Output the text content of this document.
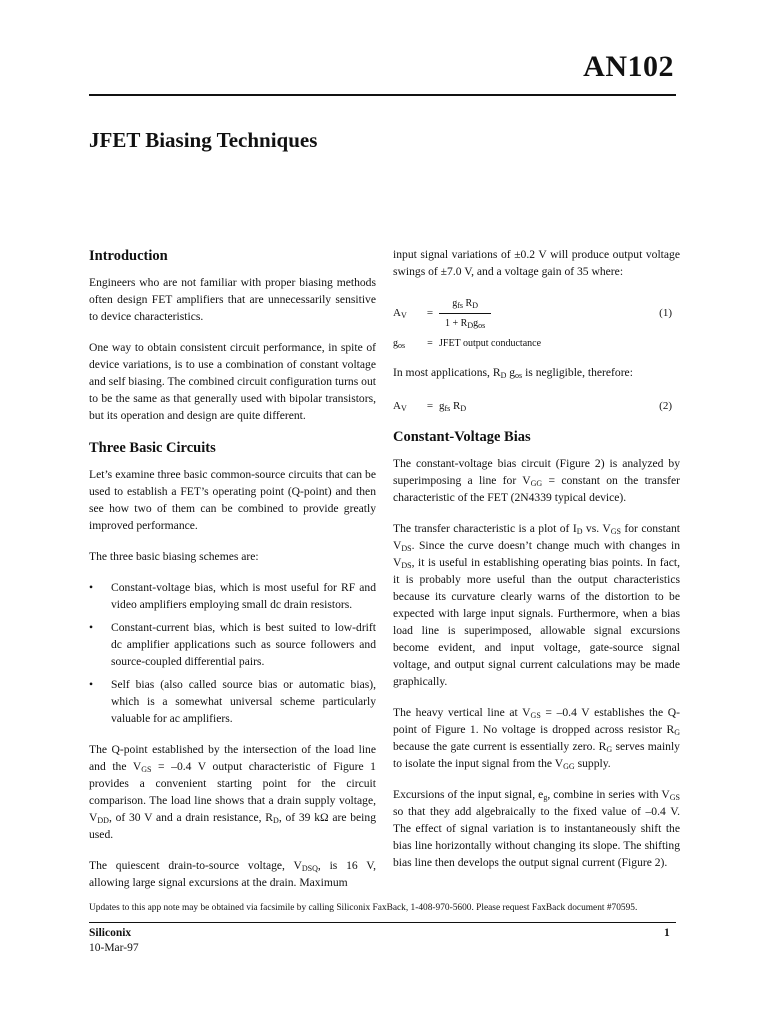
AN102
JFET Biasing Techniques
Introduction

Engineers who are not familiar with proper biasing methods often design FET amplifiers that are unnecessarily sensitive to device characteristics.

One way to obtain consistent circuit performance, in spite of device variations, is to use a combination of constant voltage and self biasing. The combined circuit configuration turns out to be the same as that generally used with bipolar transistors, but its operation and design are quite different.

Three Basic Circuits

Let’s examine three basic common-source circuits that can be used to establish a FET’s operating point (Q-point) and then see how two of them can be combined to provide greatly improved performance.

The three basic biasing schemes are:

• Constant-voltage bias, which is most useful for RF and video amplifiers employing small dc drain resistors.
• Constant-current bias, which is best suited to low-drift dc amplifier applications such as source followers and source-coupled differential pairs.
• Self bias (also called source bias or automatic bias), which is a somewhat universal scheme particularly valuable for ac amplifiers.

The Q-point established by the intersection of the load line and the $V_{GS} = -0.4$ V output characteristic of Figure 1 provides a convenient starting point for the circuit comparison. The load line shows that a drain supply voltage, $V_{DD}$, of 30 V and a drain resistance, $R_D$, of 39 kΩ are being used.

The quiescent drain-to-source voltage, $V_{DSQ}$, is 16 V, allowing large signal excursions at the drain. Maximum

input signal variations of ±0.2 V will produce output voltage swings of ±7.0 V, and a voltage gain of 35 where:

$A_V$	= $\frac{g_{fs} R_D}{1 + R_Dg_{os}}$	(1)
$g_{os}$	= JFET output conductance

In most applications, $R_D$ $g_{os}$ is negligible, therefore:

$A_V$	= $g_{fs}$ $R_D$	(2)
Constant-Voltage Bias

The constant-voltage bias circuit (Figure 2) is analyzed by superimposing a line for $V_{GG}$ = constant on the transfer characteristic of the FET (2N4339 typical device).

The transfer characteristic is a plot of $I_D$ vs. $V_{GS}$ for constant $V_{DS}$. Since the curve doesn’t change much with changes in $V_{DS}$, it is useful in establishing operating bias points. In fact, it is probably more useful than the output characteristics because its curvature clearly warns of the distortion to be expected with large input signals. Furthermore, when a bias load line is superimposed, allowable signal excursions become evident, and input voltage, gate-source signal voltage, and output signal current calculations may be made graphically.

The heavy vertical line at $V_{GS} = -0.4$ V establishes the Q-point of Figure 1. No voltage is dropped across resistor $R_G$ because the gate current is essentially zero. $R_G$ serves mainly to isolate the input signal from the $V_{GG}$ supply.

Excursions of the input signal, $e_g$, combine in series with $V_{GS}$ so that they add algebraically to the fixed value of –0.4 V. The effect of signal variation is to instantaneously shift the bias line horizontally without changing its slope. The shifting bias line then develops the output signal current (Figure 2).

Updates to this app note may be obtained via facsimile by calling Siliconix FaxBack, 1-408-970-5600. Please request FaxBack document #70595.

Siliconix
10-Mar-97
1
